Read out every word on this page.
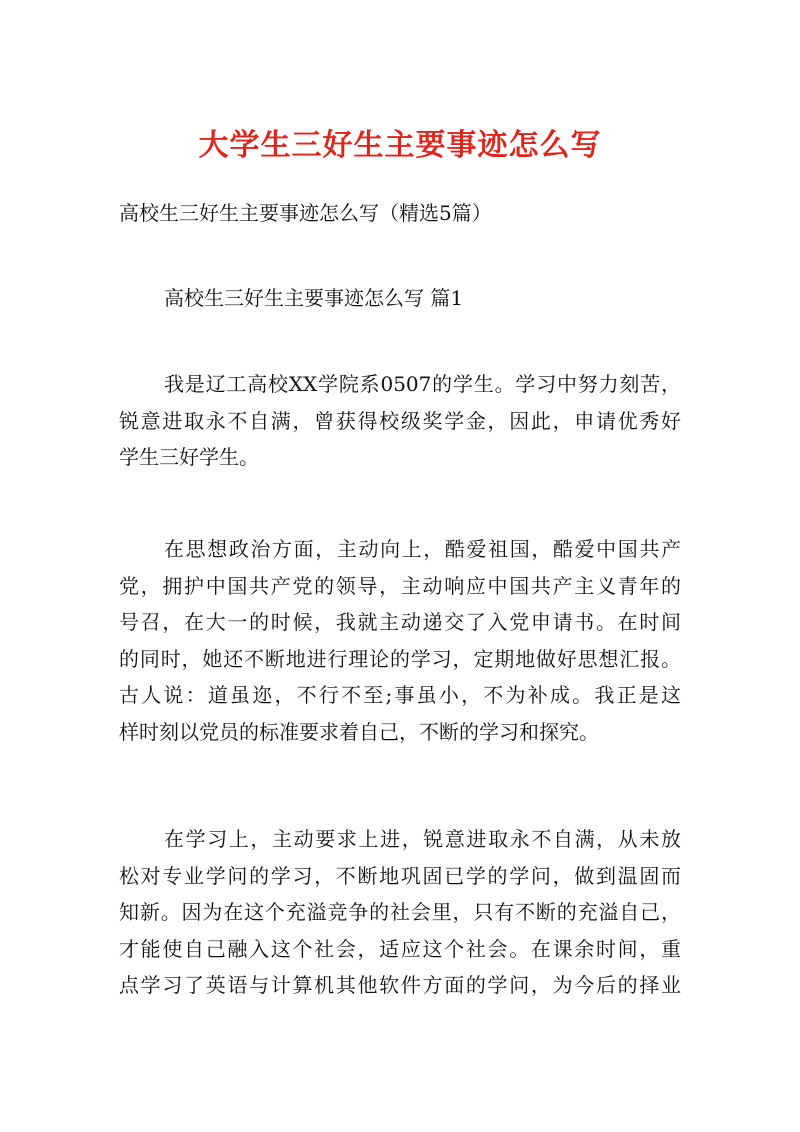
大学生三好生主要事迹怎么写
高校生三好生主要事迹怎么写（精选5篇）
高校生三好生主要事迹怎么写 篇1

我是辽工高校XX学院系0507的学生。学习中努力刻苦，
锐意进取永不自满，曾获得校级奖学金，因此，申请优秀好
学生三好学生。

在思想政治方面，主动向上，酷爱祖国，酷爱中国共产
党，拥护中国共产党的领导，主动响应中国共产主义青年的
号召，在大一的时候，我就主动递交了入党申请书。在时间
的同时，她还不断地进行理论的学习，定期地做好思想汇报。
古人说：道虽迩，不行不至;事虽小，不为补成。我正是这
样时刻以党员的标准要求着自己，不断的学习和探究。

在学习上，主动要求上进，锐意进取永不自满，从未放
松对专业学问的学习，不断地巩固已学的学问，做到温固而
知新。因为在这个充溢竞争的社会里，只有不断的充溢自己，
才能使自己融入这个社会，适应这个社会。在课余时间，重
点学习了英语与计算机其他软件方面的学问，为今后的择业
